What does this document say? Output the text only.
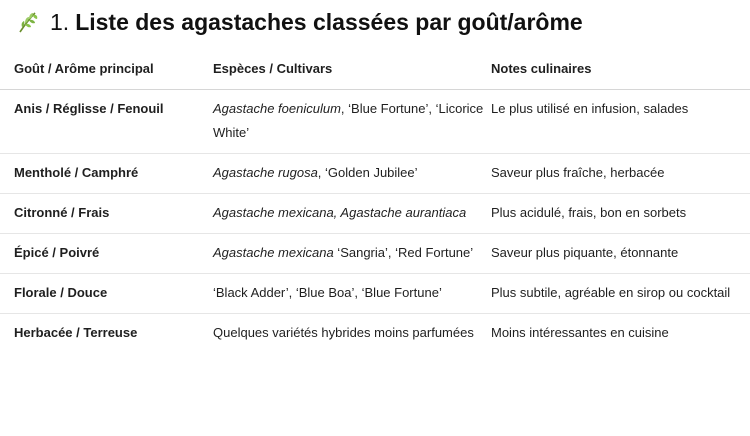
1. Liste des agastaches classées par goût/arôme
Goût / Arôme principal	Espèces / Cultivars	Notes culinaires
Anis / Réglisse / Fenouil	Agastache foeniculum, ‘Blue Fortune’, ‘Licorice White’	Le plus utilisé en infusion, salades
Mentholé / Camphré	Agastache rugosa, ‘Golden Jubilee’	Saveur plus fraîche, herbacée
Citronné / Frais	Agastache mexicana, Agastache aurantiaca	Plus acidulé, frais, bon en sorbets
Épicé / Poivré	Agastache mexicana ‘Sangria’, ‘Red Fortune’	Saveur plus piquante, étonnante
Florale / Douce	‘Black Adder’, ‘Blue Boa’, ‘Blue Fortune’	Plus subtile, agréable en sirop ou cocktail
Herbacée / Terreuse	Quelques variétés hybrides moins parfumées	Moins intéressantes en cuisine
